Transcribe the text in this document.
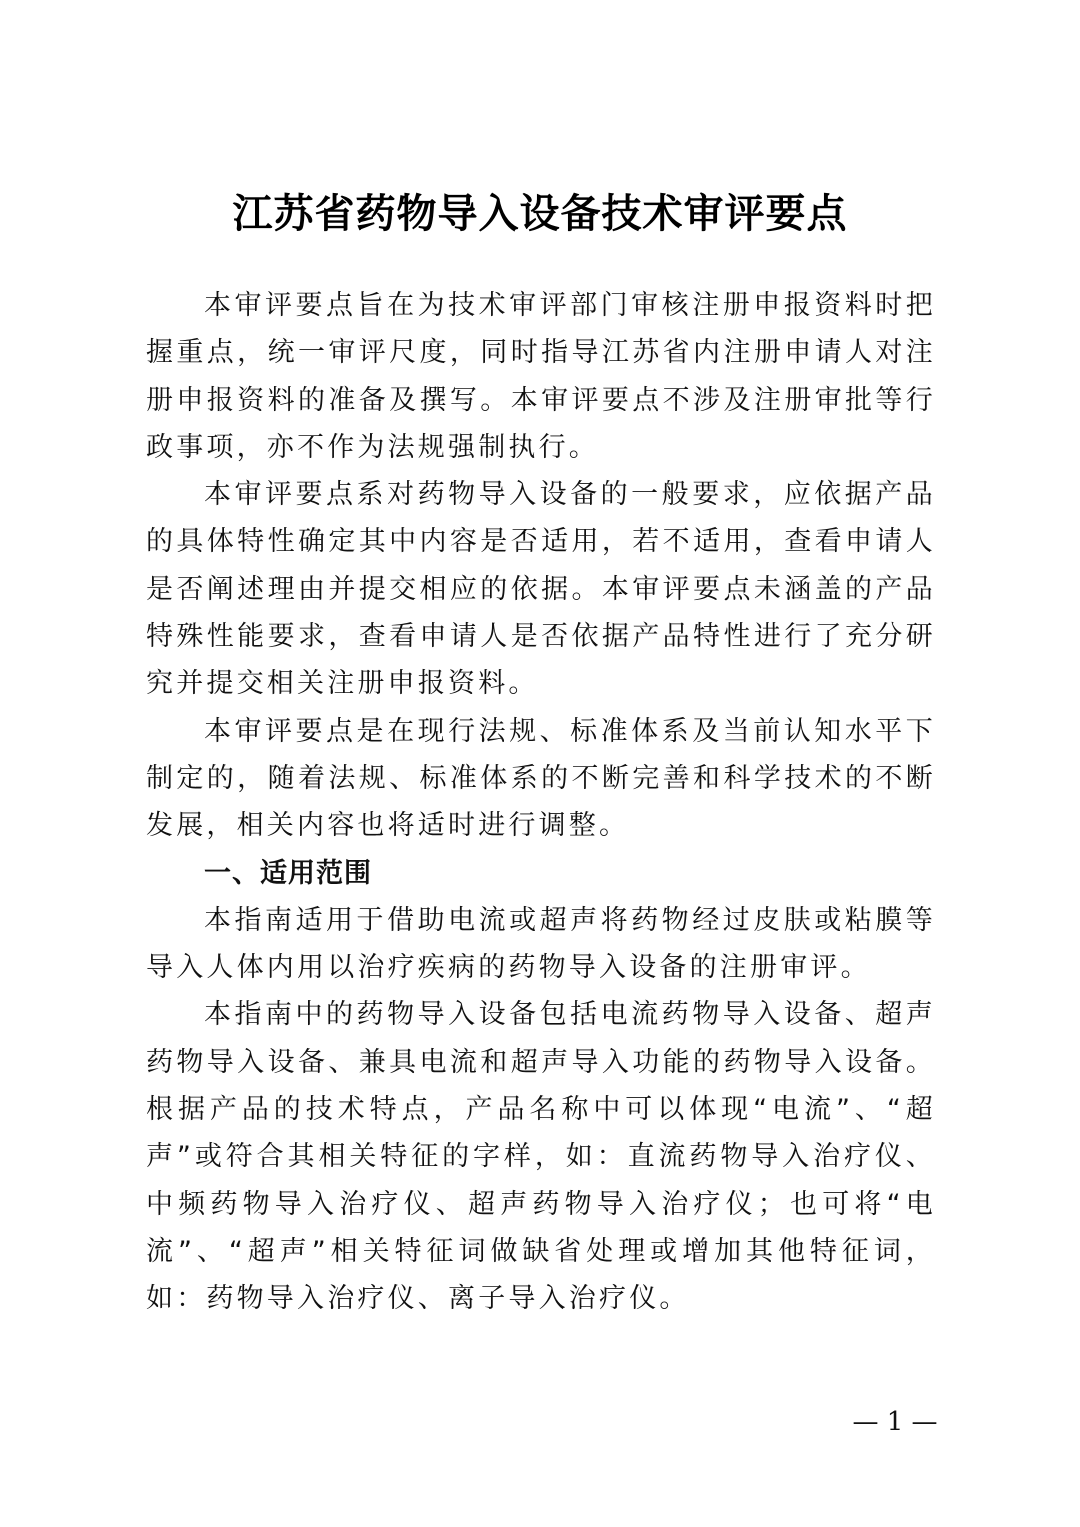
江苏省药物导入设备技术审评要点

本审评要点旨在为技术审评部门审核注册申报资料时把握重点，统一审评尺度，同时指导江苏省内注册申请人对注册申报资料的准备及撰写。本审评要点不涉及注册审批等行政事项，亦不作为法规强制执行。

本审评要点系对药物导入设备的一般要求，应依据产品的具体特性确定其中内容是否适用，若不适用，查看申请人是否阐述理由并提交相应的依据。本审评要点未涵盖的产品特殊性能要求，查看申请人是否依据产品特性进行了充分研究并提交相关注册申报资料。

本审评要点是在现行法规、标准体系及当前认知水平下制定的，随着法规、标准体系的不断完善和科学技术的不断发展，相关内容也将适时进行调整。

一、适用范围

本指南适用于借助电流或超声将药物经过皮肤或粘膜等导入人体内用以治疗疾病的药物导入设备的注册审评。

本指南中的药物导入设备包括电流药物导入设备、超声药物导入设备、兼具电流和超声导入功能的药物导入设备。根据产品的技术特点，产品名称中可以体现“电流”、“超声”或符合其相关特征的字样，如：直流药物导入治疗仪、中频药物导入治疗仪、超声药物导入治疗仪；也可将“电流”、“超声”相关特征词做缺省处理或增加其他特征词，如：药物导入治疗仪、离子导入治疗仪。

— 1 —
